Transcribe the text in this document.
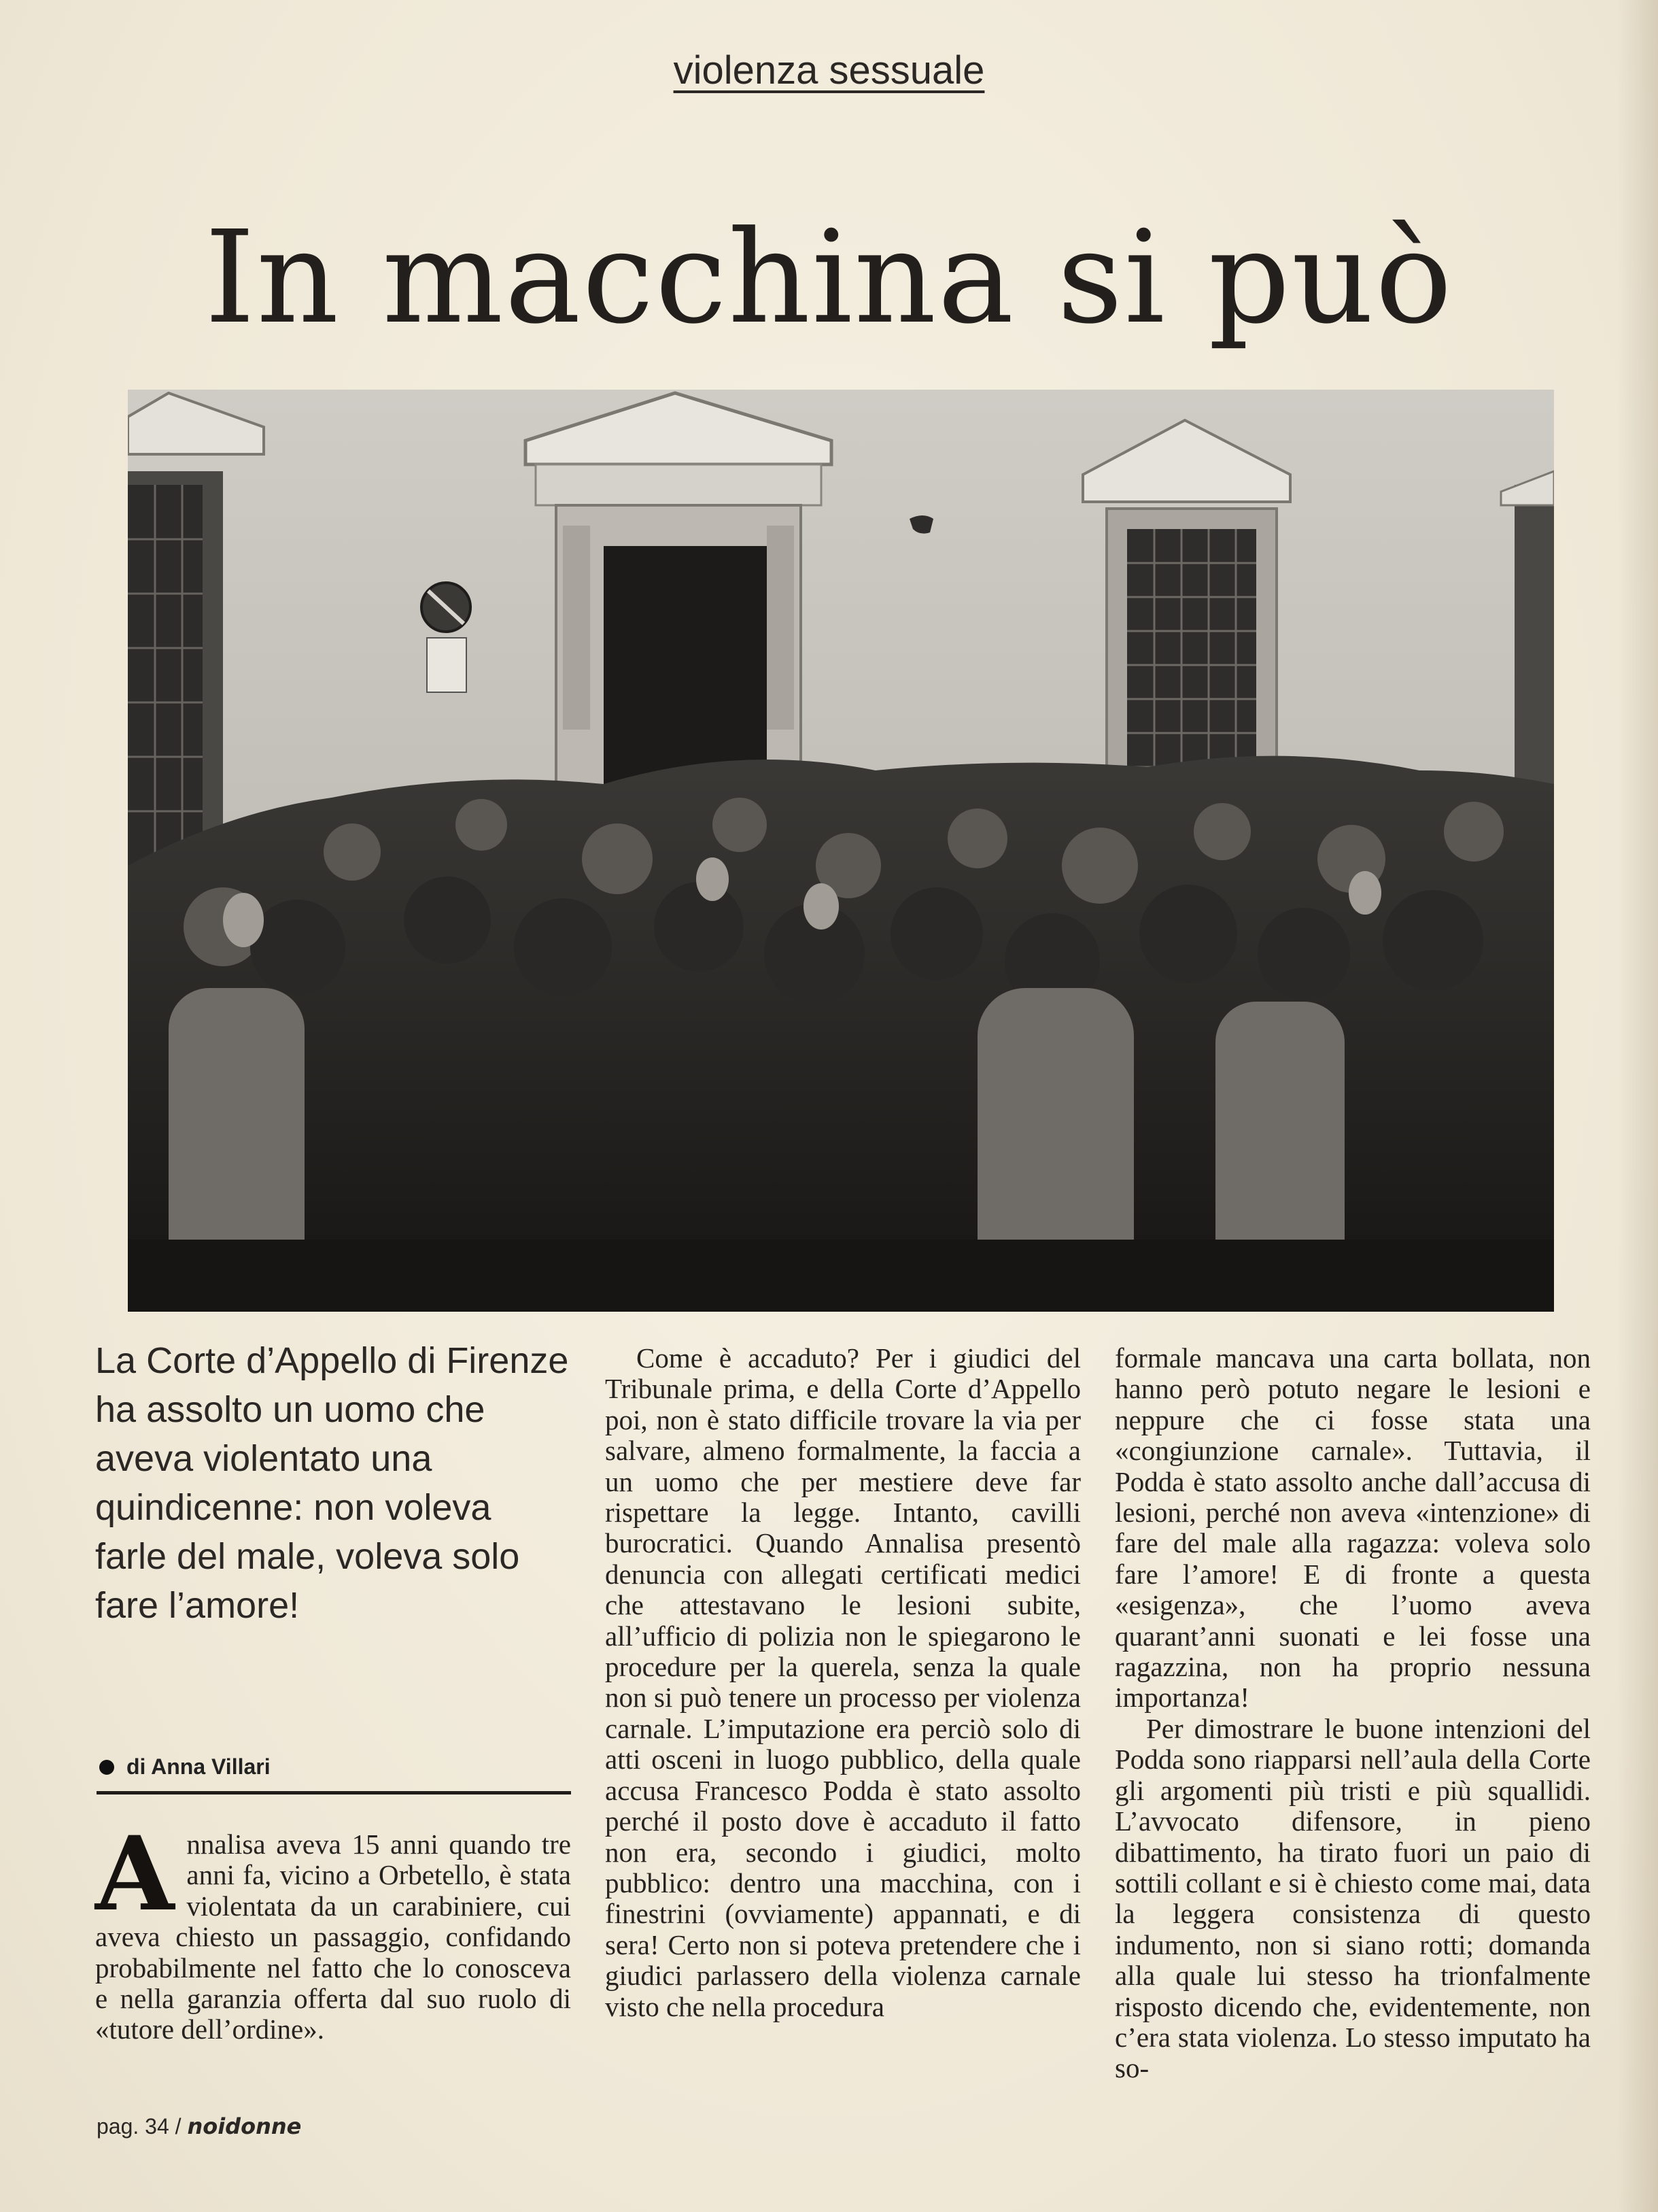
violenza sessuale
In macchina si può
La Corte d’Appello di Firenze ha assolto un uomo che aveva violentato una quindicenne: non voleva farle del male, voleva solo fare l’amore!
di Anna Villari

Annalisa aveva 15 anni quando tre anni fa, vicino a Orbetello, è stata violentata da un carabiniere, cui aveva chiesto un passaggio, confidando probabilmente nel fatto che lo conosceva e nella garanzia offerta dal suo ruolo di «tutore dell’ordine».

Come è accaduto? Per i giudici del Tribunale prima, e della Corte d’Appello poi, non è stato difficile trovare la via per salvare, almeno formalmente, la faccia a un uomo che per mestiere deve far rispettare la legge. Intanto, cavilli burocratici. Quando Annalisa presentò denuncia con allegati certificati medici che attestavano le lesioni subite, all’ufficio di polizia non le spiegarono le procedure per la querela, senza la quale non si può tenere un processo per violenza carnale. L’imputazione era perciò solo di atti osceni in luogo pubblico, della quale accusa Francesco Podda è stato assolto perché il posto dove è accaduto il fatto non era, secondo i giudici, molto pubblico: dentro una macchina, con i finestrini (ovviamente) appannati, e di sera! Certo non si poteva pretendere che i giudici parlassero della violenza carnale visto che nella procedura

formale mancava una carta bollata, non hanno però potuto negare le lesioni e neppure che ci fosse stata una «congiunzione carnale». Tuttavia, il Podda è stato assolto anche dall’accusa di lesioni, perché non aveva «intenzione» di fare del male alla ragazza: voleva solo fare l’amore! E di fronte a questa «esigenza», che l’uomo aveva quarant’anni suonati e lei fosse una ragazzina, non ha proprio nessuna importanza!

Per dimostrare le buone intenzioni del Podda sono riapparsi nell’aula della Corte gli argomenti più tristi e più squallidi. L’avvocato difensore, in pieno dibattimento, ha tirato fuori un paio di sottili collant e si è chiesto come mai, data la leggera consistenza di questo indumento, non si siano rotti; domanda alla quale lui stesso ha trionfalmente risposto dicendo che, evidentemente, non c’era stata violenza. Lo stesso imputato ha so-

pag. 34 / noidonne
